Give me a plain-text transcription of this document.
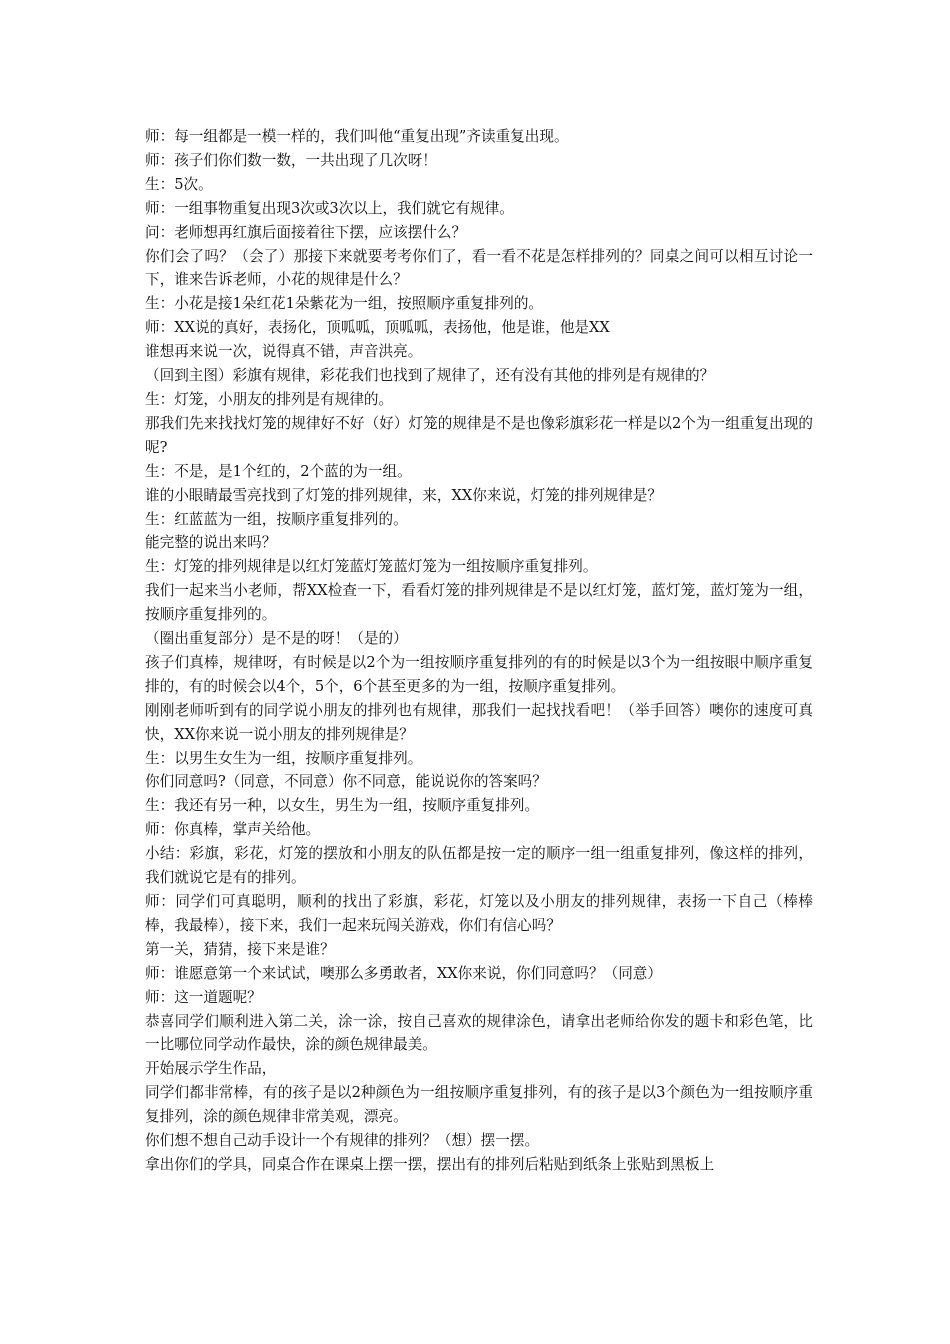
师：每一组都是一模一样的，我们叫他“重复出现”齐读重复出现。

师：孩子们你们数一数，一共出现了几次呀！

生：5次。

师：一组事物重复出现3次或3次以上，我们就它有规律。

问：老师想再红旗后面接着往下摆，应该摆什么？

你们会了吗？（会了）那接下来就要考考你们了，看一看不花是怎样排列的？同桌之间可以相互讨论一下，谁来告诉老师，小花的规律是什么？

生：小花是接1朵红花1朵紫花为一组，按照顺序重复排列的。

师：XX说的真好，表扬化，顶呱呱，顶呱呱，表扬他，他是谁，他是XX

谁想再来说一次，说得真不错，声音洪亮。

（回到主图）彩旗有规律，彩花我们也找到了规律了，还有没有其他的排列是有规律的？

生：灯笼，小朋友的排列是有规律的。

那我们先来找找灯笼的规律好不好（好）灯笼的规律是不是也像彩旗彩花一样是以2个为一组重复出现的呢?

生：不是，是1个红的，2个蓝的为一组。

谁的小眼睛最雪亮找到了灯笼的排列规律，来，XX你来说，灯笼的排列规律是？

生：红蓝蓝为一组，按顺序重复排列的。

能完整的说出来吗？

生：灯笼的排列规律是以红灯笼蓝灯笼蓝灯笼为一组按顺序重复排列。

我们一起来当小老师，帮XX检查一下，看看灯笼的排列规律是不是以红灯笼，蓝灯笼，蓝灯笼为一组，按顺序重复排列的。

（圈出重复部分）是不是的呀！（是的）

孩子们真棒，规律呀，有时候是以2个为一组按顺序重复排列的有的时候是以3个为一组按眼中顺序重复排的，有的时候会以4个，5个，6个甚至更多的为一组，按顺序重复排列。

刚刚老师听到有的同学说小朋友的排列也有规律，那我们一起找找看吧！（举手回答）噢你的速度可真快，XX你来说一说小朋友的排列规律是？

生：以男生女生为一组，按顺序重复排列。

你们同意吗?（同意，不同意）你不同意，能说说你的答案吗？

生：我还有另一种，以女生，男生为一组，按顺序重复排列。

师：你真棒，掌声关给他。

小结：彩旗，彩花，灯笼的摆放和小朋友的队伍都是按一定的顺序一组一组重复排列，像这样的排列，我们就说它是有的排列。

师：同学们可真聪明，顺利的找出了彩旗，彩花，灯笼以及小朋友的排列规律，表扬一下自己（棒棒棒，我最棒），接下来，我们一起来玩闯关游戏，你们有信心吗？

第一关，猜猜，接下来是谁？

师：谁愿意第一个来试试，噢那么多勇敢者，XX你来说，你们同意吗？（同意）

师：这一道题呢？

恭喜同学们顺利进入第二关，涂一涂，按自己喜欢的规律涂色，请拿出老师给你发的题卡和彩色笔，比一比哪位同学动作最快，涂的颜色规律最美。

开始展示学生作品，

同学们都非常棒，有的孩子是以2种颜色为一组按顺序重复排列，有的孩子是以3个颜色为一组按顺序重复排列，涂的颜色规律非常美观，漂亮。

你们想不想自己动手设计一个有规律的排列？（想）摆一摆。

拿出你们的学具，同桌合作在课桌上摆一摆，摆出有的排列后粘贴到纸条上张贴到黑板上
